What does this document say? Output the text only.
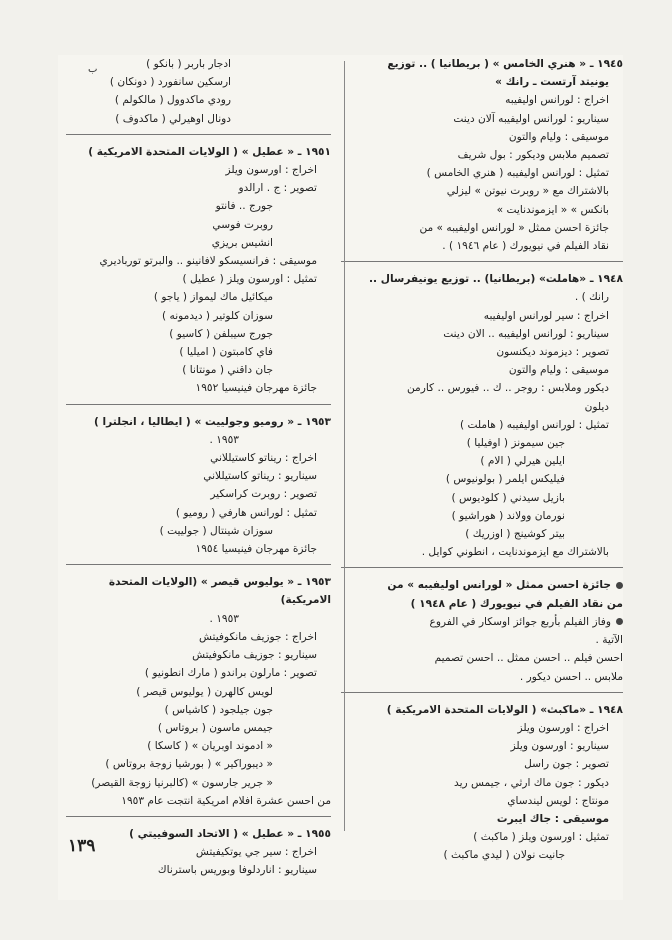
١٩٤٥ ـ « هنري الخامس » ( بريطانيا ) .. توزيع
يونيتد آرتست ـ رانك »
اخراج : لورانس اوليفيبه
سيناريو : لورانس اوليفيبه آلان دينت
موسيقى : وليام والتون
تصميم ملابس وديكور : بول شريف
تمثيل : لورانس اوليفيبه ( هنري الخامس )
بالاشتراك مع « روبرت نيوتن » ليزلي
بانكس » « ايزموندنايت »
جائزة احسن ممثل « لورانس اوليفيبه » من
نقاد الفيلم في نيويورك ( عام ١٩٤٦ ) .
١٩٤٨ ـ «هاملت» (بريطانيا) .. توزيع يونيفرسال ..
رانك ) .
اخراج : سير لورانس اوليفيبه
سيناريو : لورانس اوليفيبه .. الان دينت
تصوير : ديزموند ديكنسون
موسيقى : وليام والتون
ديكور وملابس : روجر .. ك .. فيورس .. كارمن
ديلون
تمثيل : لورانس اوليفيبه ( هاملت )
جين سيمونز ( اوفيليا )
ايلين هيرلي ( الام )
فيليكس ايلمر ( بولونيوس )
بازيل سيدني ( كلوديوس )
نورمان وولاند ( هوراشيو )
بيتر كوشينج ( اوزريك )
بالاشتراك مع ايزموندنايت ، انطوني كوايل .
جائزة احسن ممثل « لورانس اوليفيبه » من
من نقاد الفيلم في نيويورك ( عام ١٩٤٨ )
وفاز الفيلم بأربع جوائز اوسكار في الفروع
الآتية .
احسن فيلم .. احسن ممثل .. احسن تصميم
ملابس .. احسن ديكور .
١٩٤٨ ـ «ماكبث» ( الولايات المتحدة الامريكية )
اخراج : اورسون ويلز
سيناريو : اورسون ويلز
تصوير : جون راسل
ديكور : جون ماك ارثي ، جيمس ريد
مونتاج : لويس ليندساي
موسيقى : جاك ايبرت
تمثيل : اورسون ويلز ( ماكبث )
جانيت نولان ( ليدي ماكبث )
ادجار باربر ( بانكو )
ارسكين سانفورد ( دونكان )
رودي ماكدوول ( مالكولم )
دونال اوهيرلي ( ماكدوف )
١٩٥١ ـ « عطيل » ( الولايات المتحدة الامريكية )
اخراج : اورسون ويلز
تصوير : ج . ارالدو
جورج .. فانتو
روبرت فوسي
انشيس بريزي
موسيقى : فرانسيسكو لافانينو .. والبرتو تورباديري
تمثيل : اورسون ويلز ( عطيل )
ميكائيل ماك ليمواز ( ياجو )
سوزان كلوتير ( ديدمونه )
جورج سيبلفن ( كاسيو )
فاي كامبتون ( اميليا )
جان داقني ( مونتانا )
جائزة مهرجان فينيسيا ١٩٥٢
١٩٥٣ ـ « روميو وجولييت » ( ايطاليا ، انجلترا )
١٩٥٣ .
اخراج : ريناتو كاستيللاني
سيناريو : ريناتو كاستيللاني
تصوير : روبرت كراسكير
تمثيل : لورانس هارفي ( روميو )
سوزان شينتال ( جولييت )
جائزة مهرجان فينيسيا ١٩٥٤
١٩٥٣ ـ « يوليوس قيصر » (الولايات المتحدة الامريكية)
١٩٥٣ .
اخراج : جوزيف مانكوفيتش
سيناريو : جوزيف مانكوفيتش
تصوير : مارلون براندو ( مارك انطونيو )
لويس كالهرن ( يوليوس قيصر )
جون جيلجود ( كاشياس )
جيمس ماسون ( بروتاس )
« ادموند اوبريان » ( كاسكا )
« ديبوراكير » ( بورشيا زوجة بروتاس )
« جرير جارسون » (كالبرنيا زوجة القيصر)
من احسن عشرة افلام امريكية انتجت عام ١٩٥٣
١٩٥٥ ـ « عطيل » ( الاتحاد السوفييتي )
اخراج : سير جي يوتكيفيتش
سيناريو : اناردلوفا وبوريس باسترناك
ب
١٣٩
